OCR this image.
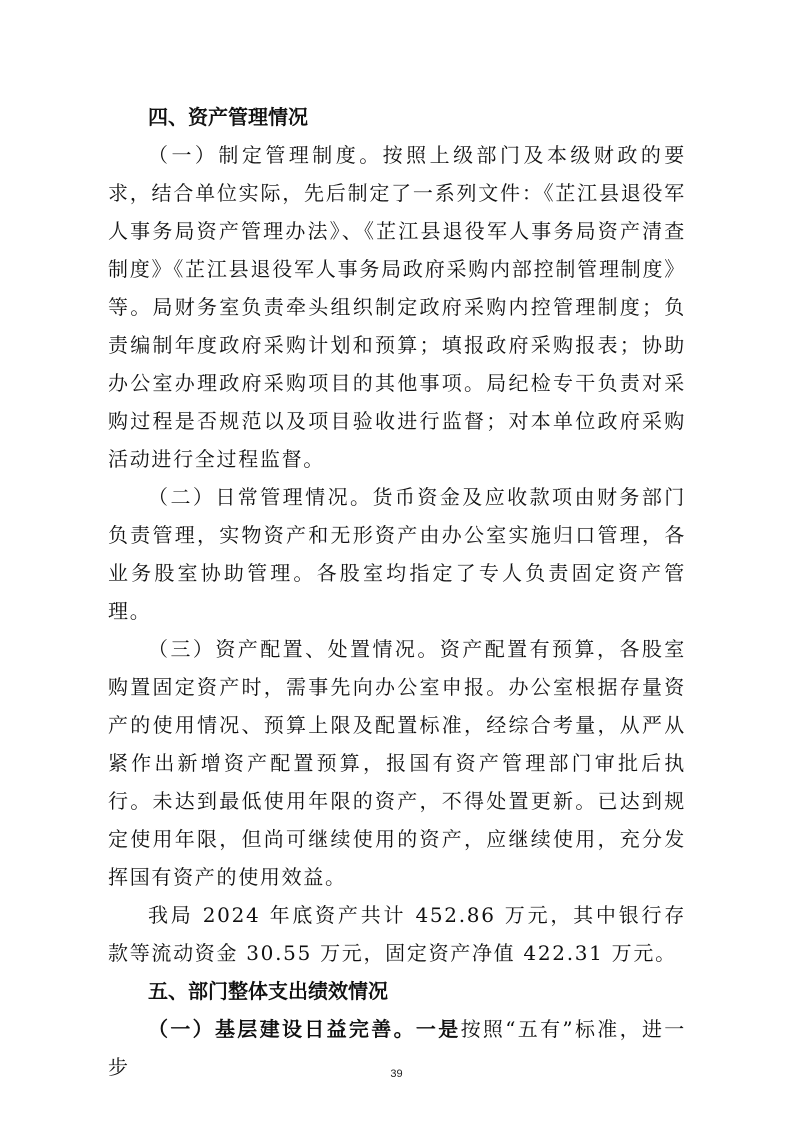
四、资产管理情况

（一）制定管理制度。按照上级部门及本级财政的要求，结合单位实际，先后制定了一系列文件：《芷江县退役军人事务局资产管理办法》、《芷江县退役军人事务局资产清查制度》《芷江县退役军人事务局政府采购内部控制管理制度》等。局财务室负责牵头组织制定政府采购内控管理制度；负责编制年度政府采购计划和预算；填报政府采购报表；协助办公室办理政府采购项目的其他事项。局纪检专干负责对采购过程是否规范以及项目验收进行监督；对本单位政府采购活动进行全过程监督。

（二）日常管理情况。货币资金及应收款项由财务部门负责管理，实物资产和无形资产由办公室实施归口管理，各业务股室协助管理。各股室均指定了专人负责固定资产管理。

（三）资产配置、处置情况。资产配置有预算，各股室购置固定资产时，需事先向办公室申报。办公室根据存量资产的使用情况、预算上限及配置标准，经综合考量，从严从紧作出新增资产配置预算，报国有资产管理部门审批后执行。未达到最低使用年限的资产，不得处置更新。已达到规定使用年限，但尚可继续使用的资产，应继续使用，充分发挥国有资产的使用效益。

我局 2024 年底资产共计 452.86 万元，其中银行存款等流动资金 30.55 万元，固定资产净值 422.31 万元。

五、部门整体支出绩效情况

（一）基层建设日益完善。一是按照“五有”标准，进一步	39
